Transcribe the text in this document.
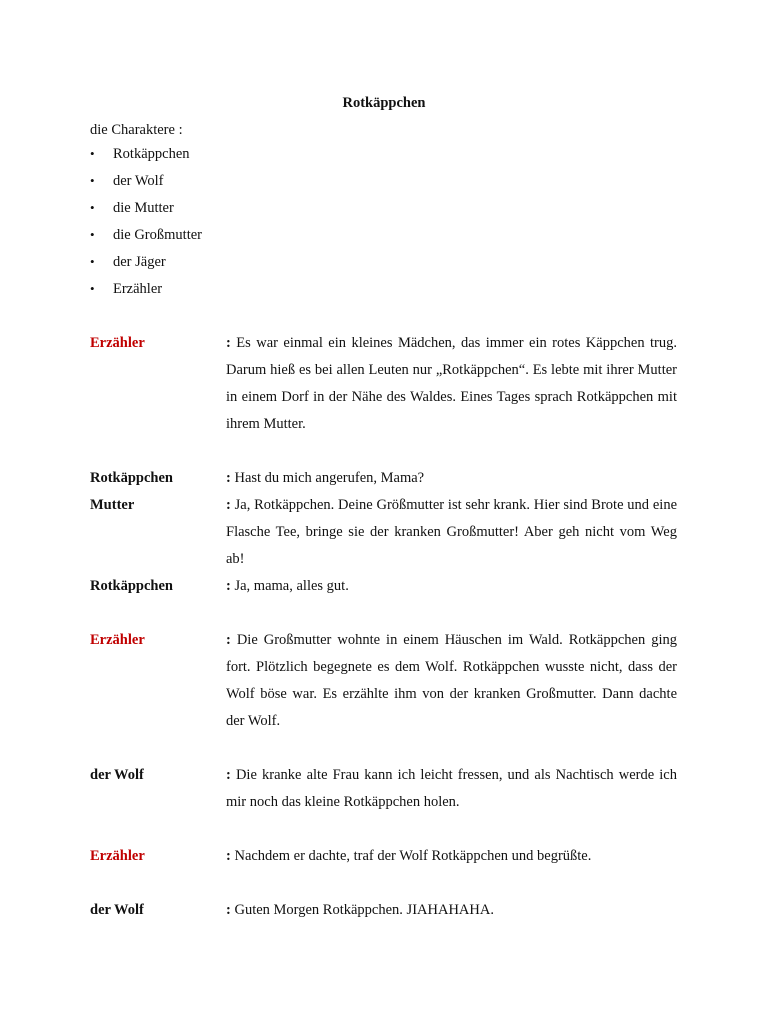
Rotkäppchen
die Charaktere :
• Rotkäppchen
• der Wolf
• die Mutter
• die Großmutter
• der Jäger
• Erzähler
Erzähler	: Es war einmal ein kleines Mädchen, das immer ein rotes Käppchen trug. Darum hieß es bei allen Leuten nur „Rotkäppchen“. Es lebte mit ihrer Mutter in einem Dorf in der Nähe des Waldes. Eines Tages sprach Rotkäppchen mit ihrem Mutter.
Rotkäppchen	: Hast du mich angerufen, Mama?
Mutter	: Ja, Rotkäppchen. Deine Größmutter ist sehr krank. Hier sind Brote und eine Flasche Tee, bringe sie der kranken Großmutter! Aber geh nicht vom Weg ab!
Rotkäppchen	: Ja, mama, alles gut.
Erzähler	: Die Großmutter wohnte in einem Häuschen im Wald. Rotkäppchen ging fort. Plötzlich begegnete es dem Wolf. Rotkäppchen wusste nicht, dass der Wolf böse war. Es erzählte ihm von der kranken Großmutter. Dann dachte der Wolf.
der Wolf	: Die kranke alte Frau kann ich leicht fressen, und als Nachtisch werde ich mir noch das kleine Rotkäppchen holen.
Erzähler	: Nachdem er dachte, traf der Wolf Rotkäppchen und begrüßte.
der Wolf	: Guten Morgen Rotkäppchen. JIAHAHAHA.
